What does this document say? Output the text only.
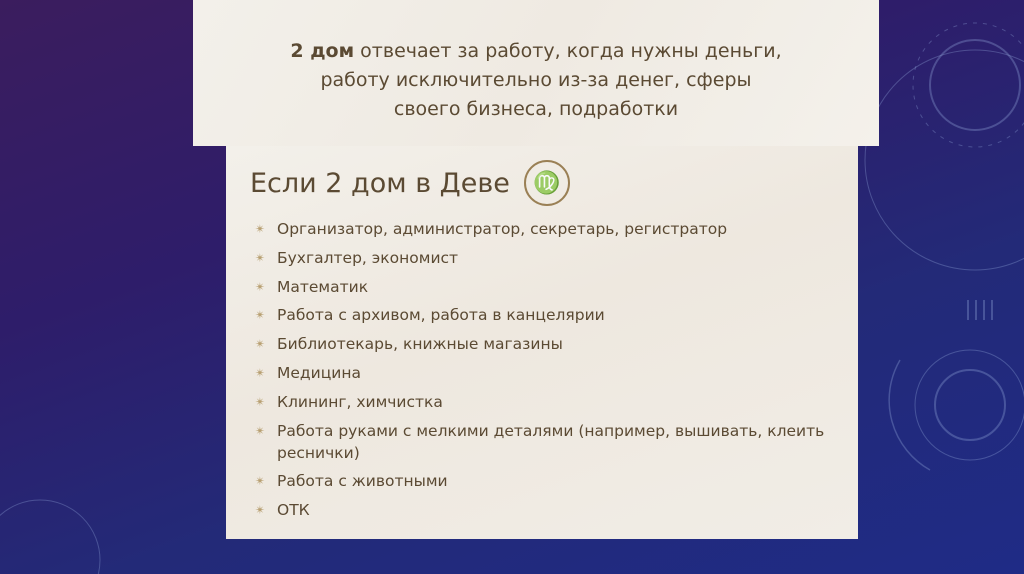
2 дом отвечает за работу, когда нужны деньги,
работу исключительно из-за денег, сферы
своего бизнеса, подработки
Если 2 дом в Деве	♍
✴ Организатор, администратор, секретарь, регистратор
✴ Бухгалтер, экономист
✴ Математик
✴ Работа с архивом, работа в канцелярии
✴ Библиотекарь, книжные магазины
✴ Медицина
✴ Клининг, химчистка
✴ Работа руками с мелкими деталями (например, вышивать, клеить реснички)
✴ Работа с животными
✴ ОТК
